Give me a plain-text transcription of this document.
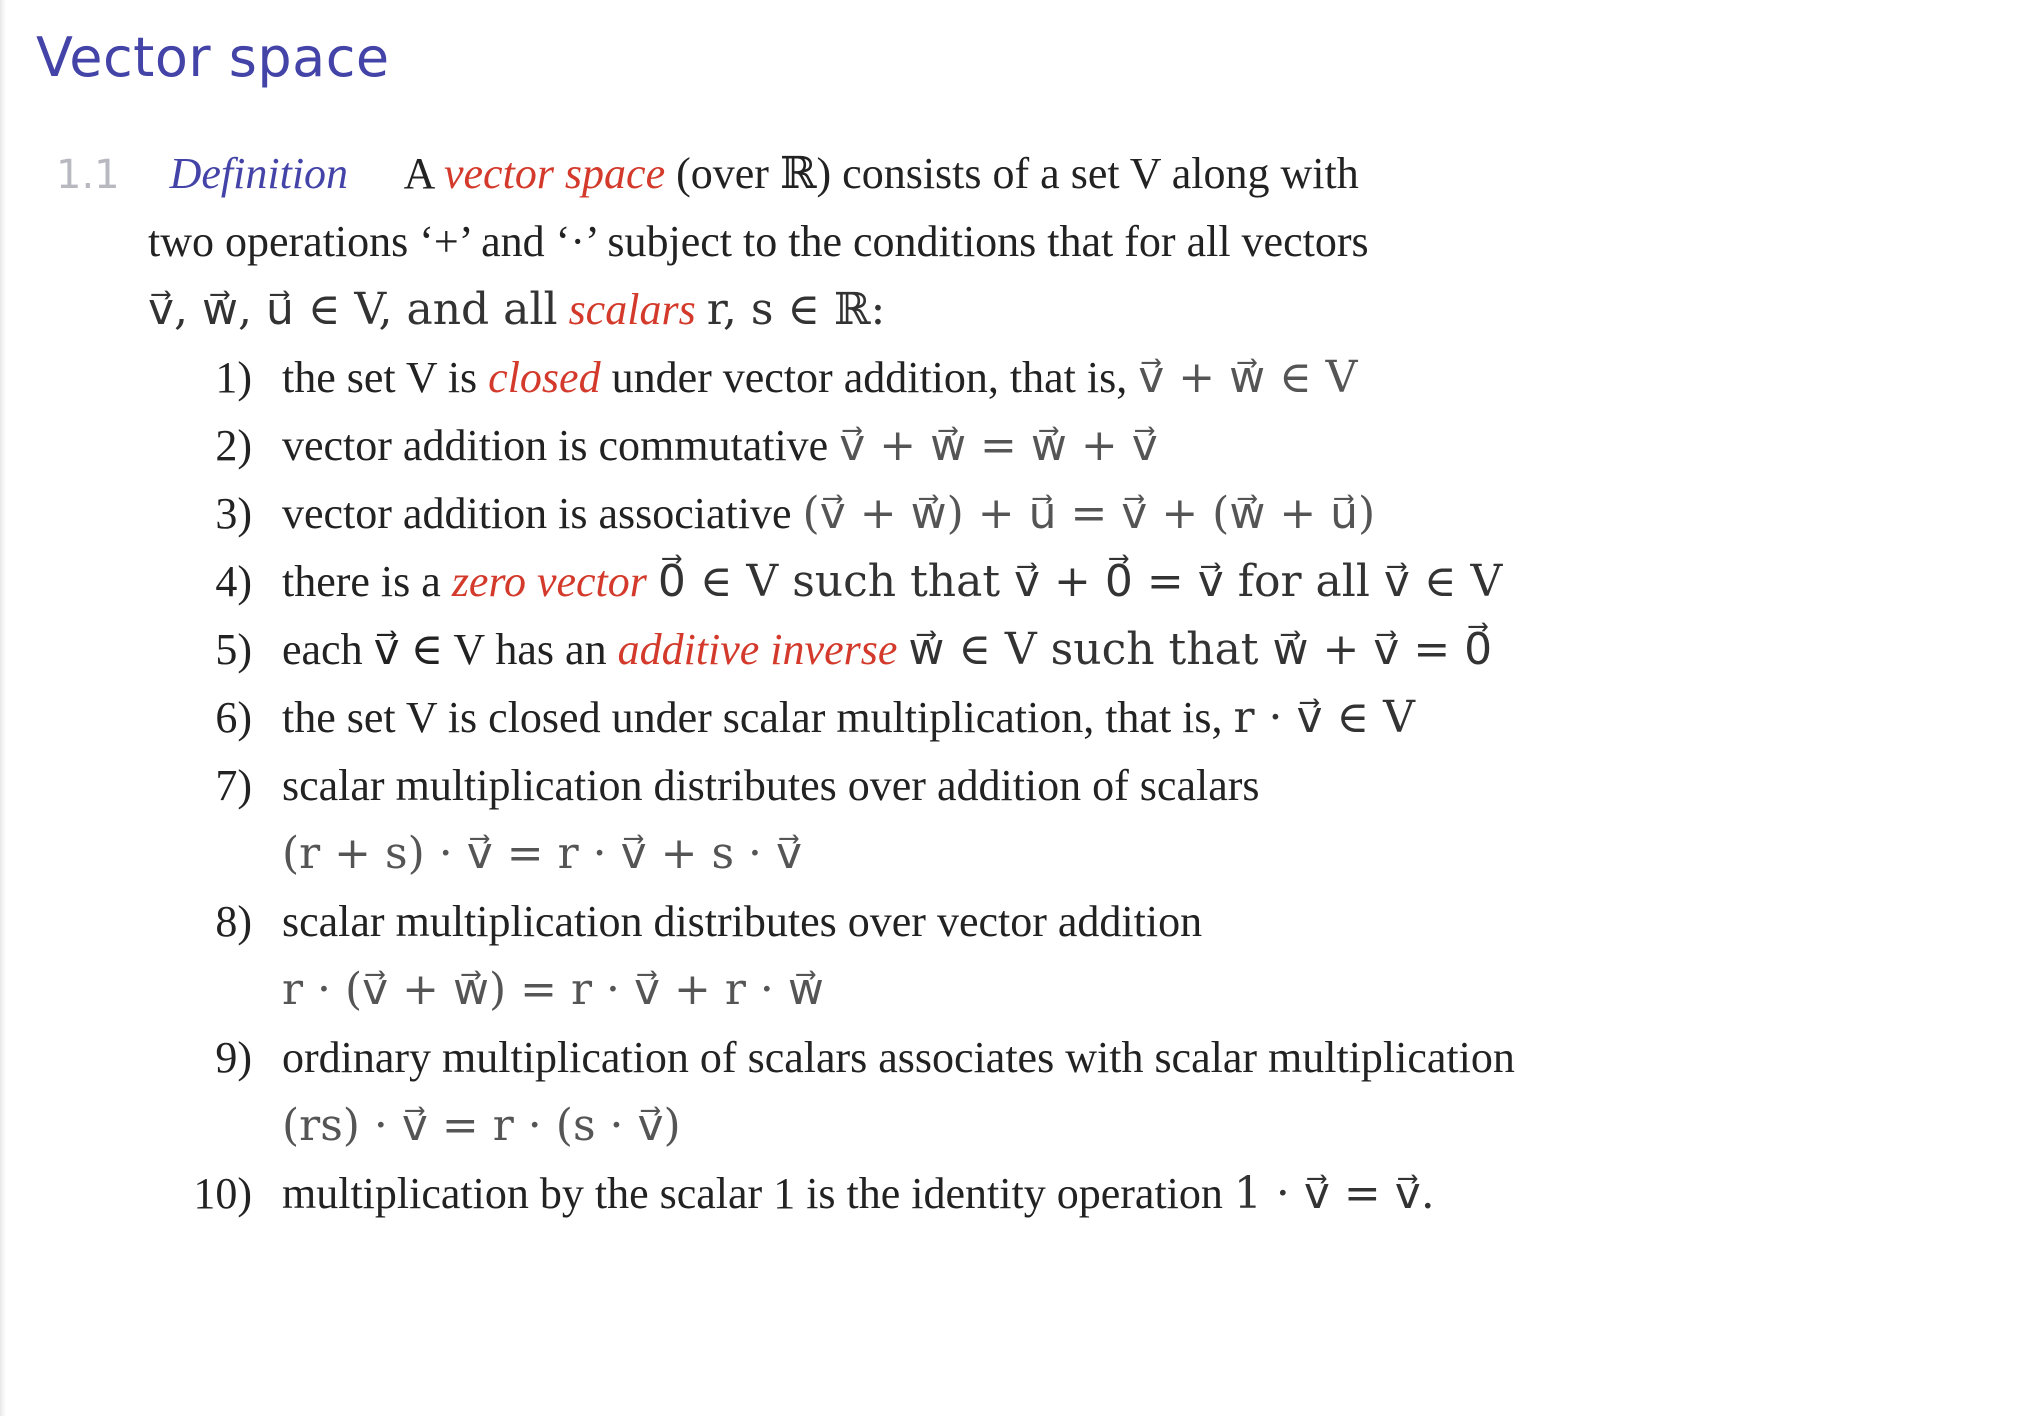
Vector space
1.1 Definition A vector space (over ℝ) consists of a set V along with
two operations ‘+’ and ‘·’ subject to the conditions that for all vectors
v⃗, w⃗, u⃗ ∈ V, and all scalars r, s ∈ ℝ:
1) the set V is closed under vector addition, that is, v⃗ + w⃗ ∈ V
2) vector addition is commutative v⃗ + w⃗ = w⃗ + v⃗
3) vector addition is associative (v⃗ + w⃗) + u⃗ = v⃗ + (w⃗ + u⃗)
4) there is a zero vector 0⃗ ∈ V such that v⃗ + 0⃗ = v⃗ for all v⃗ ∈ V
5) each v⃗ ∈ V has an additive inverse w⃗ ∈ V such that w⃗ + v⃗ = 0⃗
6) the set V is closed under scalar multiplication, that is, r · v⃗ ∈ V
7) scalar multiplication distributes over addition of scalars
(r + s) · v⃗ = r · v⃗ + s · v⃗
8) scalar multiplication distributes over vector addition
r · (v⃗ + w⃗) = r · v⃗ + r · w⃗
9) ordinary multiplication of scalars associates with scalar multiplication
(rs) · v⃗ = r · (s · v⃗)
10) multiplication by the scalar 1 is the identity operation 1 · v⃗ = v⃗.
